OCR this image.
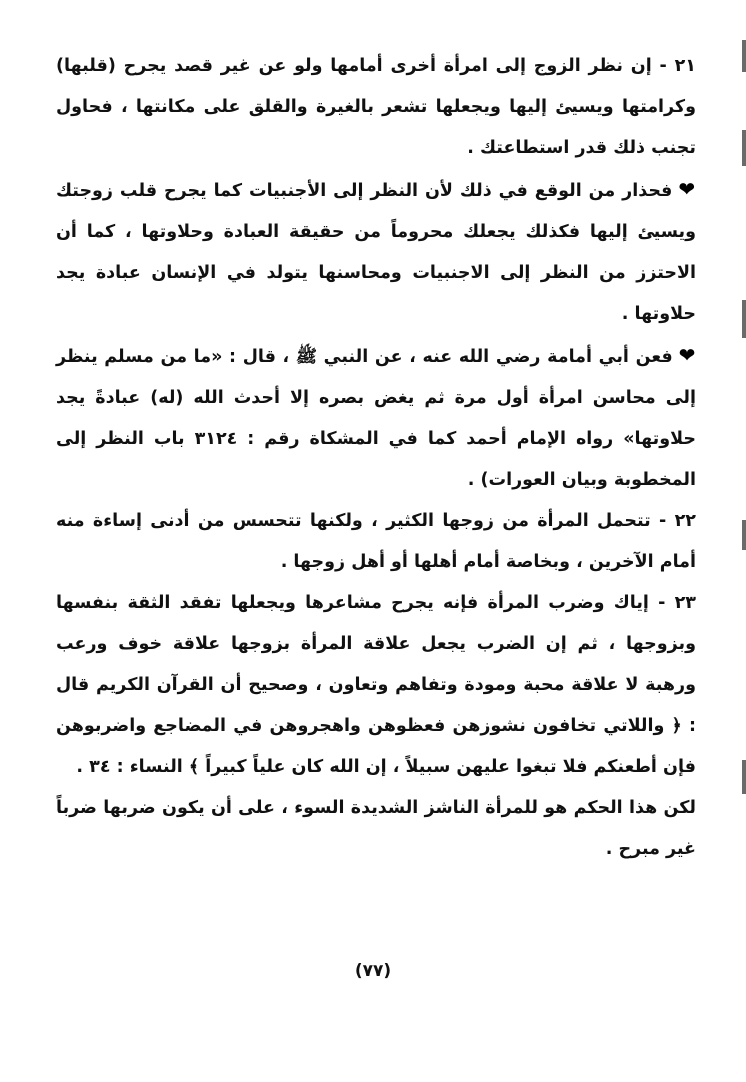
٢١ - إن نظر الزوج إلى امرأة أخرى أمامها ولو عن غير قصد يجرح (قلبها) وكرامتها ويسيئ إليها ويجعلها تشعر بالغيرة والقلق على مكانتها ، فحاول تجنب ذلك قدر استطاعتك .

❤فحذار من الوقع في ذلك لأن النظر إلى الأجنبيات كما يجرح قلب زوجتك ويسيئ إليها فكذلك يجعلك محروماً من حقيقة العبادة وحلاوتها ، كما أن الاحتزز من النظر إلى الاجنبيات ومحاسنها يتولد في الإنسان عبادة يجد حلاوتها .

❤فعن أبي أمامة رضي الله عنه ، عن النبي ﷺ ، قال : «ما من مسلم ينظر إلى محاسن امرأة أول مرة ثم يغض بصره إلا أحدث الله (له) عبادةً يجد حلاوتها» رواه الإمام أحمد كما في المشكاة رقم : ٣١٢٤ باب النظر إلى المخطوبة وبيان العورات) .

٢٢ - تتحمل المرأة من زوجها الكثير ، ولكنها تتحسس من أدنى إساءة منه أمام الآخرين ، وبخاصة أمام أهلها أو أهل زوجها .

٢٣ - إياك وضرب المرأة فإنه يجرح مشاعرها ويجعلها تفقد الثقة بنفسها وبزوجها ، ثم إن الضرب يجعل علاقة المرأة بزوجها علاقة خوف ورعب ورهبة لا علاقة محبة ومودة وتفاهم وتعاون ، وصحيح أن القرآن الكريم قال : ﴿ واللاتي تخافون نشوزهن فعظوهن واهجروهن في المضاجع واضربوهن فإن أطعنكم فلا تبغوا عليهن سبيلاً ، إن الله كان علياً كبيراً ﴾ النساء : ٣٤ .

لكن هذا الحكم هو للمرأة الناشز الشديدة السوء ، على أن يكون ضربها ضرباً غير مبرح .

(٧٧)
